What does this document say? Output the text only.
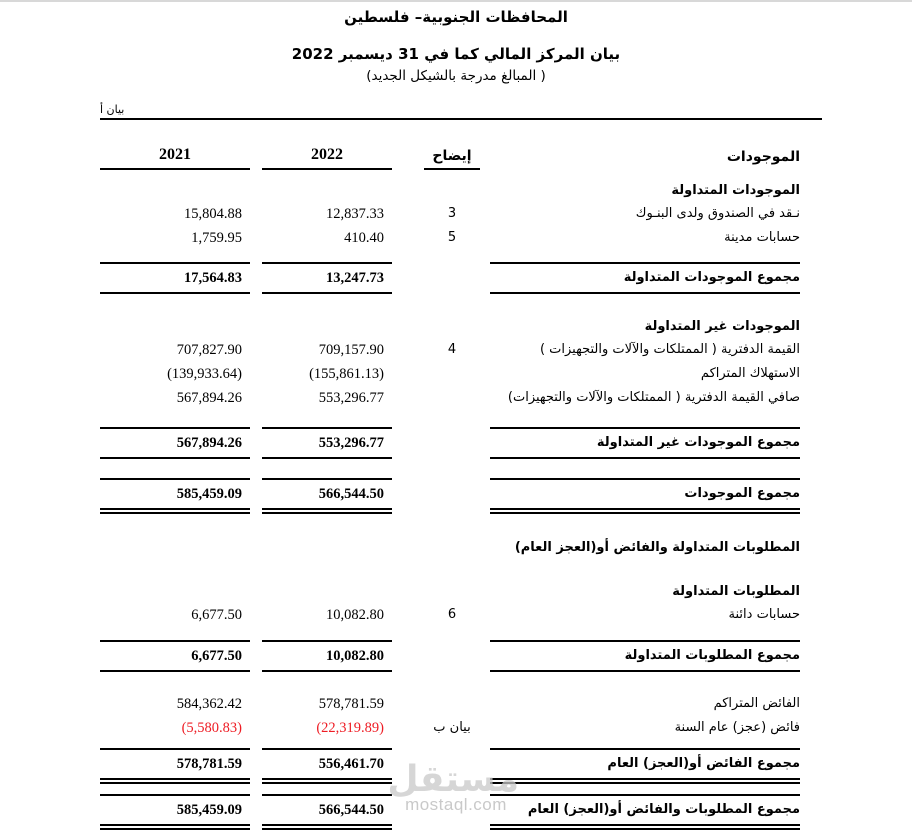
المحافظات الجنوبية– فلسطين
بيان المركز المالي كما في 31 ديسمبر 2022
( المبالغ مدرجة بالشيكل الجديد)
بيان أ
الموجودات
إيضاح
2022
2021
الموجودات المتداولة
نـقد في الصندوق ولدى البنـوك
3
12,837.33
15,804.88
حسابات مدينة
5
410.40
1,759.95
مجموع الموجودات المتداولة
13,247.73
17,564.83
الموجودات غير المتداولة
القيمة الدفترية ( الممتلكات والآلات والتجهيزات )
4
709,157.90
707,827.90
الاستهلاك المتراكم
(155,861.13)
(139,933.64)
صافي القيمة الدفترية ( الممتلكات والآلات والتجهيزات)
553,296.77
567,894.26
مجموع الموجودات غير المتداولة
553,296.77
567,894.26
مجموع الموجودات
566,544.50
585,459.09
المطلوبات المتداولة والفائض أو(العجز العام)
المطلوبات المتداولة
حسابات دائنة
6
10,082.80
6,677.50
مجموع المطلوبات المتداولة
10,082.80
6,677.50
الفائض المتراكم
578,781.59
584,362.42
فائض (عجز) عام السنة
بيان ب
(22,319.89)
(5,580.83)
مجموع الفائض أو(العجز) العام
556,461.70
578,781.59
مجموع المطلوبات والفائض أو(العجز) العام
566,544.50
585,459.09
مستقل
mostaql.com
